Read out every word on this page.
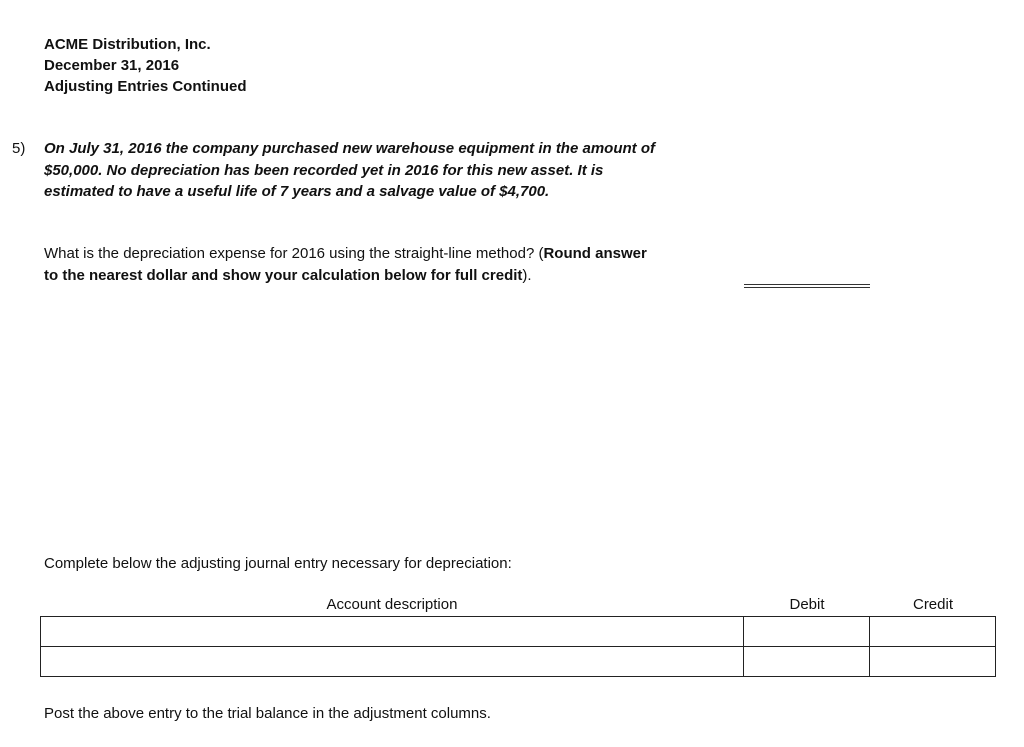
ACME Distribution, Inc.
December 31, 2016
Adjusting Entries Continued
5) On July 31, 2016 the company purchased new warehouse equipment in the amount of
$50,000. No depreciation has been recorded yet in 2016 for this new asset. It is
estimated to have a useful life of 7 years and a salvage value of $4,700.
What is the depreciation expense for 2016 using the straight-line method? (Round answer
to the nearest dollar and show your calculation below for full credit).
Complete below the adjusting journal entry necessary for depreciation:
Account description	Debit	Credit

Post the above entry to the trial balance in the adjustment columns.
